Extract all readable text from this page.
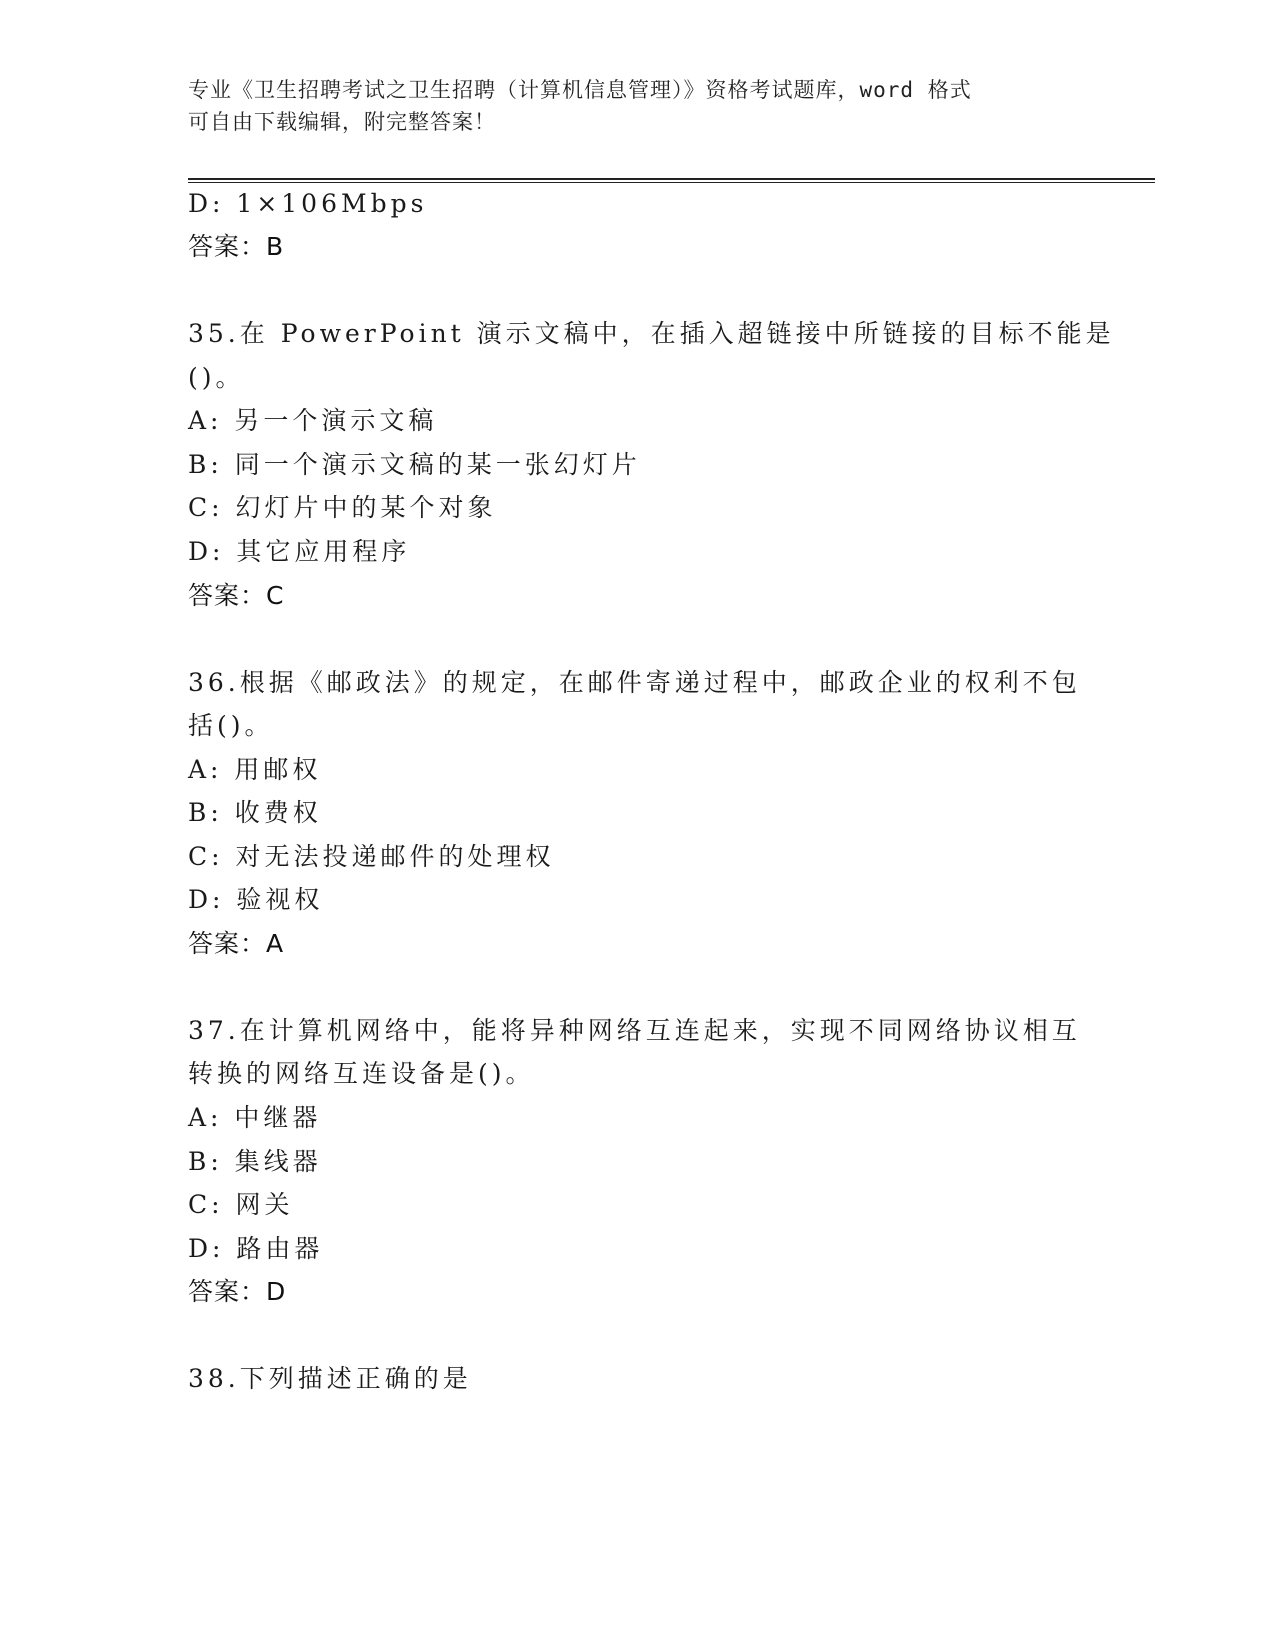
专业《卫生招聘考试之卫生招聘（计算机信息管理）》资格考试题库，word 格式
可自由下载编辑，附完整答案！
D: 1×106Mbps
答案：B
35.在 PowerPoint 演示文稿中，在插入超链接中所链接的目标不能是
()。
A: 另一个演示文稿
B: 同一个演示文稿的某一张幻灯片
C: 幻灯片中的某个对象
D: 其它应用程序
答案：C
36.根据《邮政法》的规定，在邮件寄递过程中，邮政企业的权利不包
括()。
A: 用邮权
B: 收费权
C: 对无法投递邮件的处理权
D: 验视权
答案：A
37.在计算机网络中，能将异种网络互连起来，实现不同网络协议相互
转换的网络互连设备是()。
A: 中继器
B: 集线器
C: 网关
D: 路由器
答案：D
38.下列描述正确的是
